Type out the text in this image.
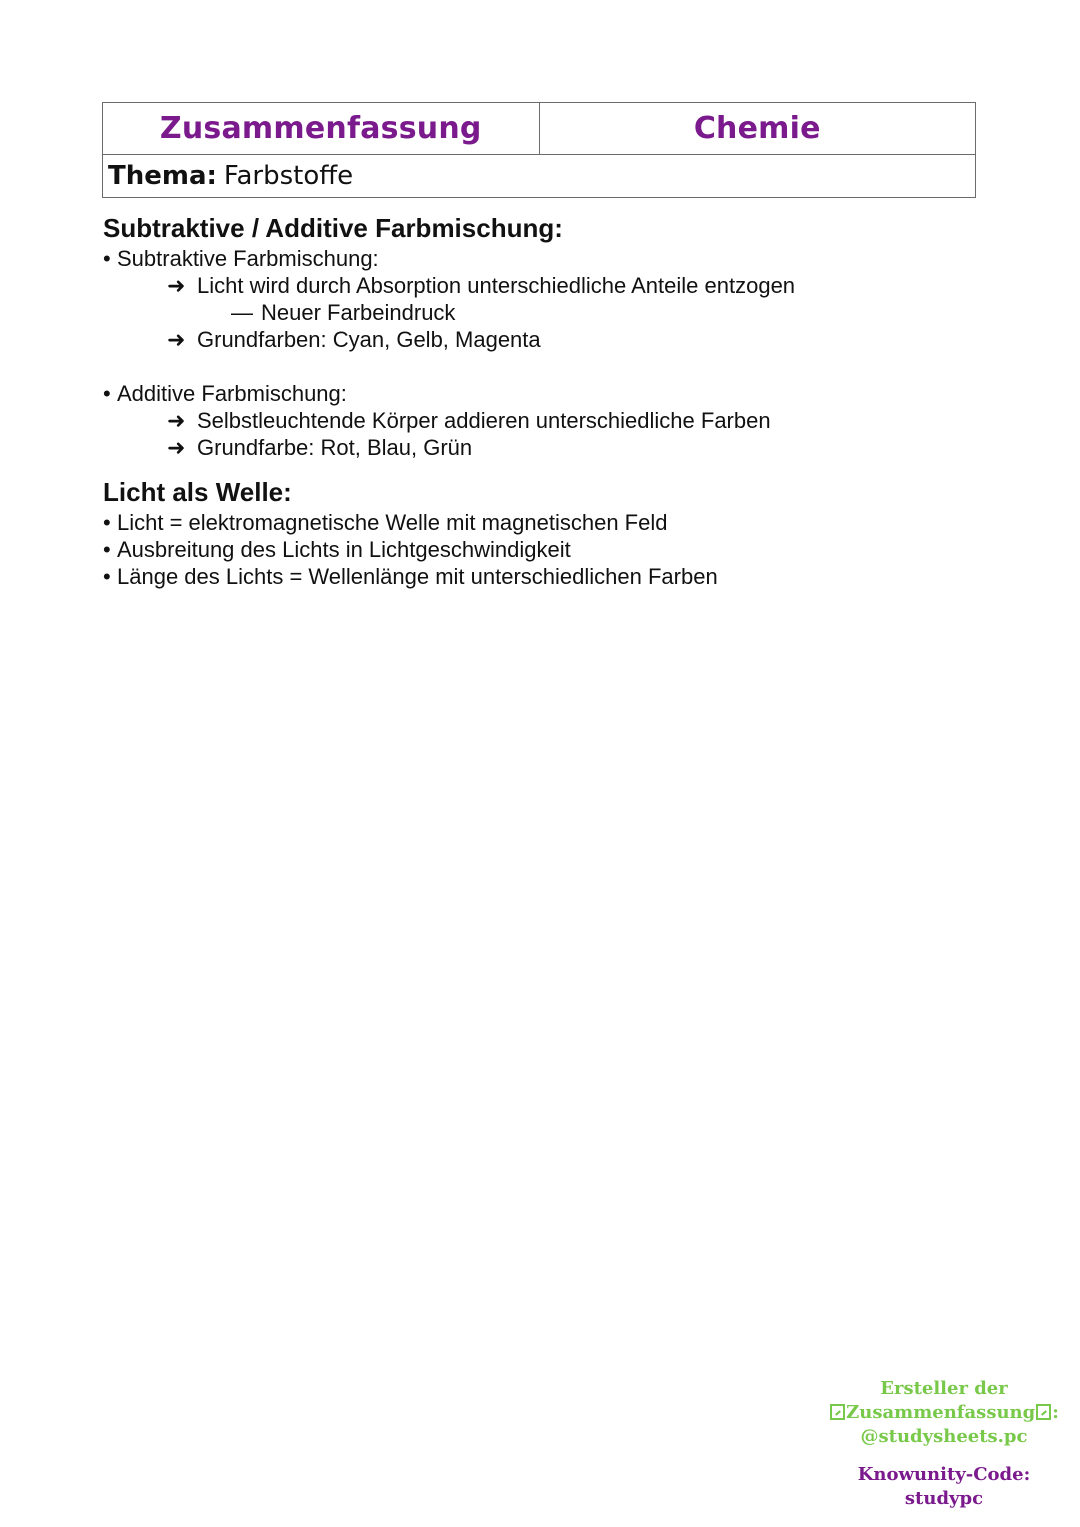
Zusammenfassung	Chemie
Thema: Farbstoffe
Subtraktive / Additive Farbmischung:
• Subtraktive Farbmischung:
➜ Licht wird durch Absorption unterschiedliche Anteile entzogen
— Neuer Farbeindruck
➜ Grundfarben: Cyan, Gelb, Magenta
• Additive Farbmischung:
➜ Selbstleuchtende Körper addieren unterschiedliche Farben
➜ Grundfarbe: Rot, Blau, Grün
Licht als Welle:
• Licht = elektromagnetische Welle mit magnetischen Feld
• Ausbreitung des Lichts in Lichtgeschwindigkeit
• Länge des Lichts = Wellenlänge mit unterschiedlichen Farben
Ersteller der
Zusammenfassung :
@studysheets.pc
Knowunity-Code:
studypc
